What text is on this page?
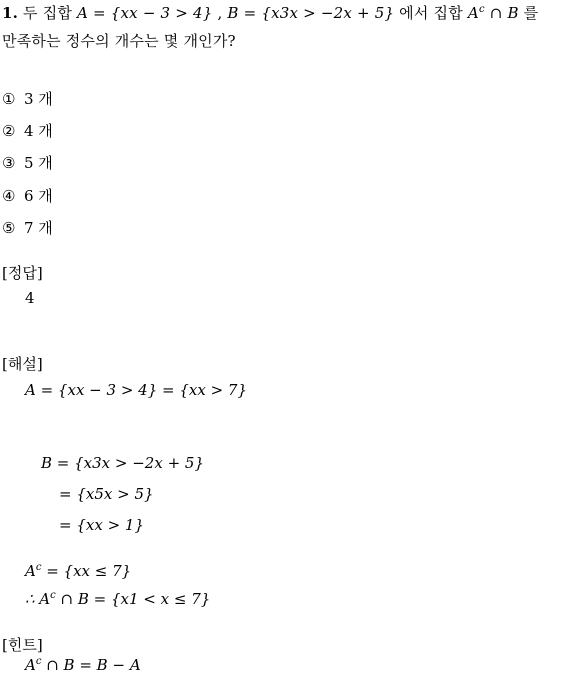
1. 두 집합 A = {xx − 3 > 4} , B = {x3x > −2x + 5} 에서 집합 $A^c$ ∩ B 를
만족하는 정수의 개수는 몇 개인가?
① 3 개
② 4 개
③ 5 개
④ 6 개
⑤ 7 개
[정답]
4
[해설]
A = {xx − 3 > 4} = {xx > 7}
B = {x3x > −2x + 5}
= {x5x > 5}
= {xx > 1}
$A^c = \{xx \le 7\}$
∴ $A^c$ ∩ B = {x1 < x ≤ 7}
[힌트]
$A^c$ ∩ B = B − A
